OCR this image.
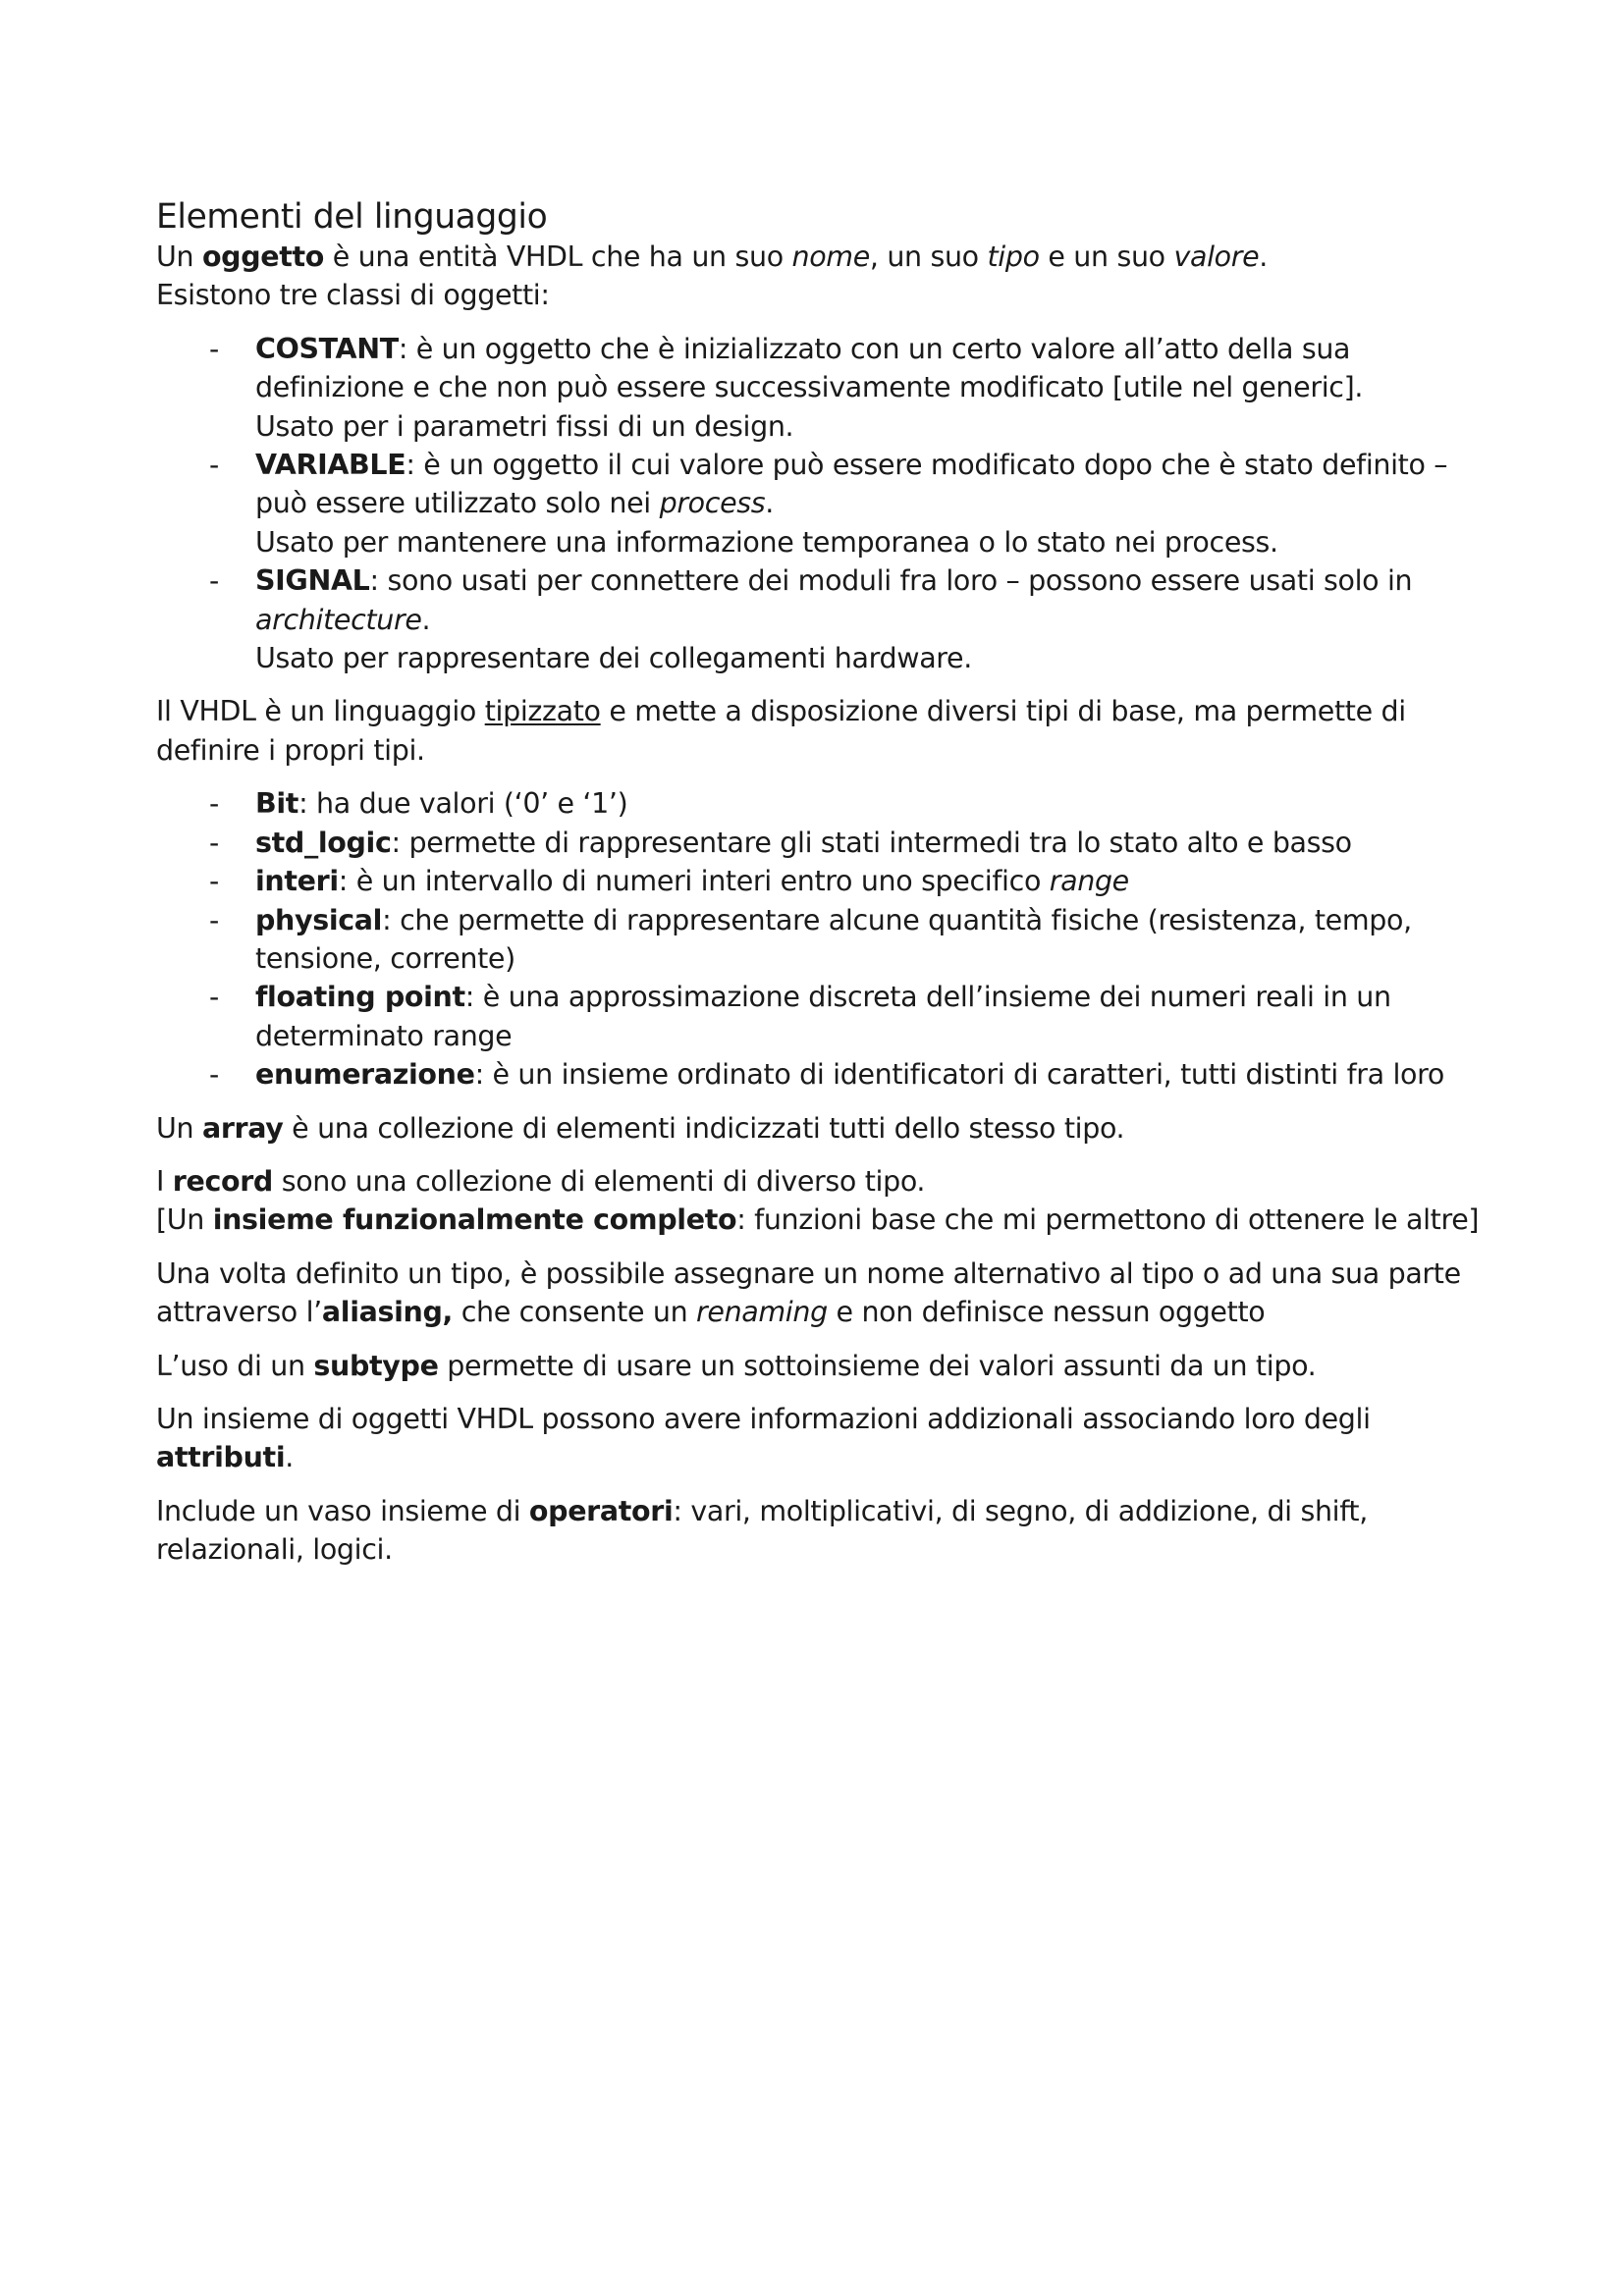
Elementi del linguaggio

Un oggetto è una entità VHDL che ha un suo nome, un suo tipo e un suo valore.

Esistono tre classi di oggetti:

- COSTANT: è un oggetto che è inizializzato con un certo valore all’atto della sua definizione e che non può essere successivamente modificato [utile nel generic].
Usato per i parametri fissi di un design.
- VARIABLE: è un oggetto il cui valore può essere modificato dopo che è stato definito – può essere utilizzato solo nei process.
Usato per mantenere una informazione temporanea o lo stato nei process.
- SIGNAL: sono usati per connettere dei moduli fra loro – possono essere usati solo in architecture.
Usato per rappresentare dei collegamenti hardware.

Il VHDL è un linguaggio tipizzato e mette a disposizione diversi tipi di base, ma permette di definire i propri tipi.

- Bit: ha due valori (‘0’ e ‘1’)
- std_logic: permette di rappresentare gli stati intermedi tra lo stato alto e basso
- interi: è un intervallo di numeri interi entro uno specifico range
- physical: che permette di rappresentare alcune quantità fisiche (resistenza, tempo, tensione, corrente)
- floating point: è una approssimazione discreta dell’insieme dei numeri reali in un determinato range
- enumerazione: è un insieme ordinato di identificatori di caratteri, tutti distinti fra loro

Un array è una collezione di elementi indicizzati tutti dello stesso tipo.

I record sono una collezione di elementi di diverso tipo.

[Un insieme funzionalmente completo: funzioni base che mi permettono di ottenere le altre]

Una volta definito un tipo, è possibile assegnare un nome alternativo al tipo o ad una sua parte attraverso l’aliasing, che consente un renaming e non definisce nessun oggetto

L’uso di un subtype permette di usare un sottoinsieme dei valori assunti da un tipo.

Un insieme di oggetti VHDL possono avere informazioni addizionali associando loro degli attributi.

Include un vaso insieme di operatori: vari, moltiplicativi, di segno, di addizione, di shift, relazionali, logici.
